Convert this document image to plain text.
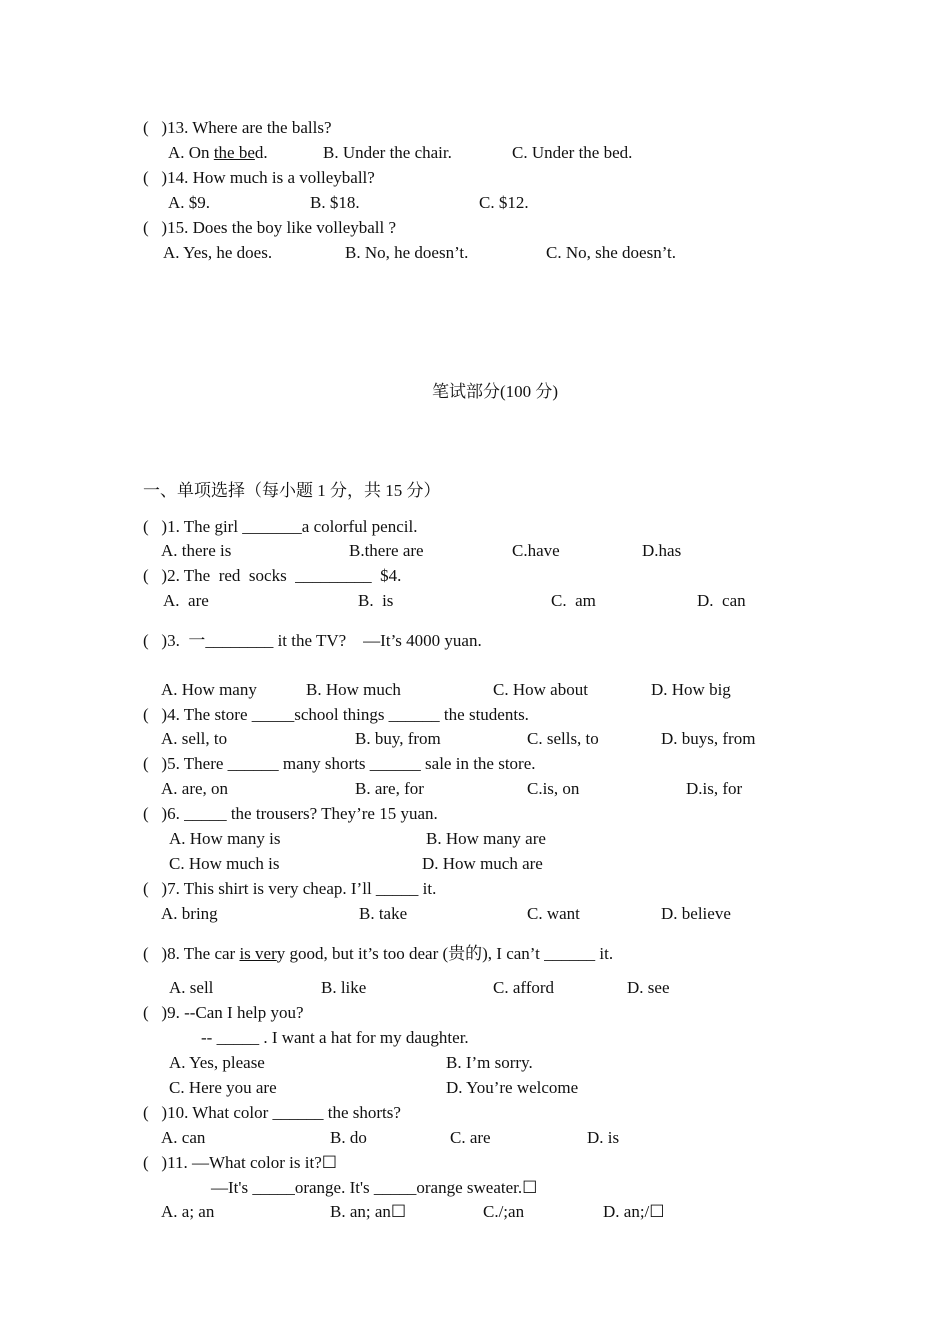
(   )13. Where are the balls?
A. On the bed.	B. Under the chair.	C. Under the bed.
(   )14. How much is a volleyball?
A. $9.	B. $18.	C. $12.
(   )15. Does the boy like volleyball ?
A. Yes, he does.	B. No, he doesn’t.	C. No, she doesn’t.
笔试部分(100 分)
一、单项选择（每小题 1 分，共 15 分）
(   )1. The girl _______a colorful pencil.
A. there is	B.there are	C.have	D.has
(   )2. The  red  socks  _________  $4.
A.  are	B.  is	C.  am	D.  can
(   )3.  一________ it the TV?    —It’s 4000 yuan.
A. How many	B. How much	C. How about	D. How big
(   )4. The store _____school things ______ the students.
A. sell, to	B. buy, from	C. sells, to	D. buys, from
(   )5. There ______ many shorts ______ sale in the store.
A. are, on	B. are, for	C.is, on	D.is, for
(   )6. _____ the trousers? They’re 15 yuan.
A. How many is	B. How many are
C. How much is	D. How much are
(   )7. This shirt is very cheap. I’ll _____ it.
A. bring	B. take	C. want	D. believe
(   )8. The car is very good, but it’s too dear (贵的), I can’t ______ it.
A. sell	B. like	C. afford	D. see
(   )9. --Can I help you?
-- _____ . I want a hat for my daughter.
A. Yes, please	B. I’m sorry.
C. Here you are	D. You’re welcome
(   )10. What color ______ the shorts?
A. can	B. do	C. are	D. is
(   )11. —What color is it?☐
—It's _____orange. It's _____orange sweater.☐
A. a; an	B. an; an☐	C./;an	D. an;/☐
